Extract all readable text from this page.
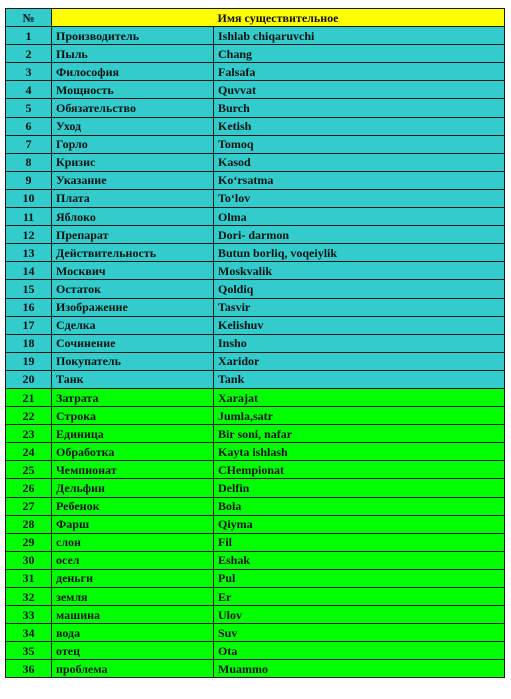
№	Имя существительное	
1	Производитель	Ishlab chiqaruvchi
2	Пыль	Chang
3	Философия	Falsafa
4	Мощность	Quvvat
5	Обязательство	Burch
6	Уход	Ketish
7	Горло	Tomoq
8	Кризис	Kasod
9	Указание	Ko‘rsatma
10	Плата	To‘lov
11	Яблоко	Olma
12	Препарат	Dori- darmon
13	Действительность	Butun borliq, voqeiylik
14	Москвич	Moskvalik
15	Остаток	Qoldiq
16	Изображение	Tasvir
17	Сделка	Kelishuv
18	Сочинение	Insho
19	Покупатель	Xaridor
20	Танк	Tank
21	Затрата	Xarajat
22	Строка	Jumla,satr
23	Единица	Bir soni, nafar
24	Обработка	Kayta ishlash
25	Чемпионат	CHempionat
26	Дельфин	Delfin
27	Ребенок	Bola
28	Фарш	Qiyma
29	слон	Fil
30	осел	Eshak
31	деньги	Pul
32	земля	Er
33	машина	Ulov
34	вода	Suv
35	отец	Ota
36	проблема	Muammo
